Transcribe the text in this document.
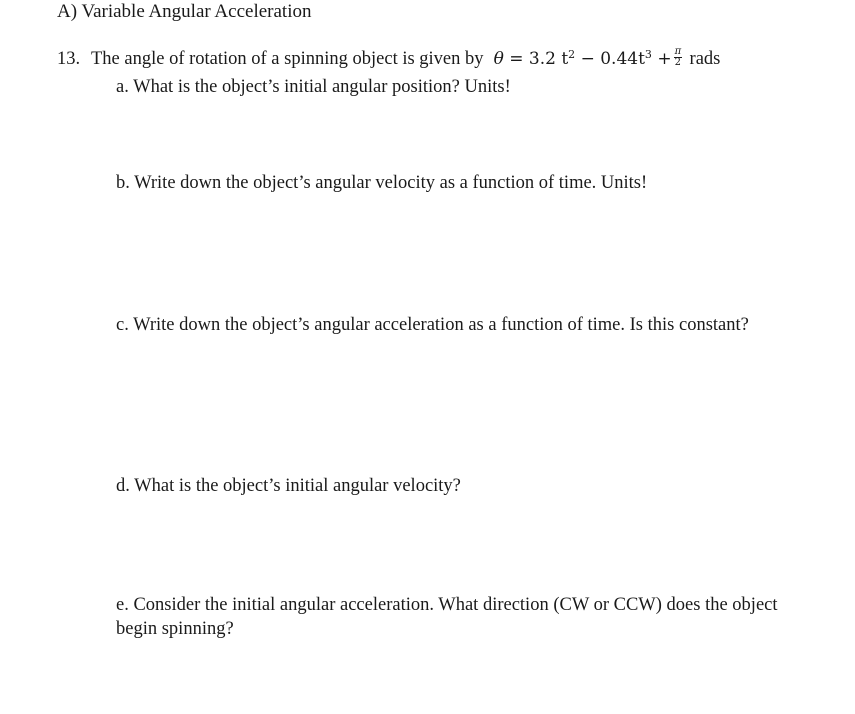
A) Variable Angular Acceleration
13. The angle of rotation of a spinning object is given by θ = 3.2 $t^2 - 0.44t^3 + \frac{\pi}{2}$ rads
a. What is the object’s initial angular position? Units!
b. Write down the object’s angular velocity as a function of time. Units!
c. Write down the object’s angular acceleration as a function of time. Is this constant?
d. What is the object’s initial angular velocity?
e. Consider the initial angular acceleration. What direction (CW or CCW) does the object begin spinning?
